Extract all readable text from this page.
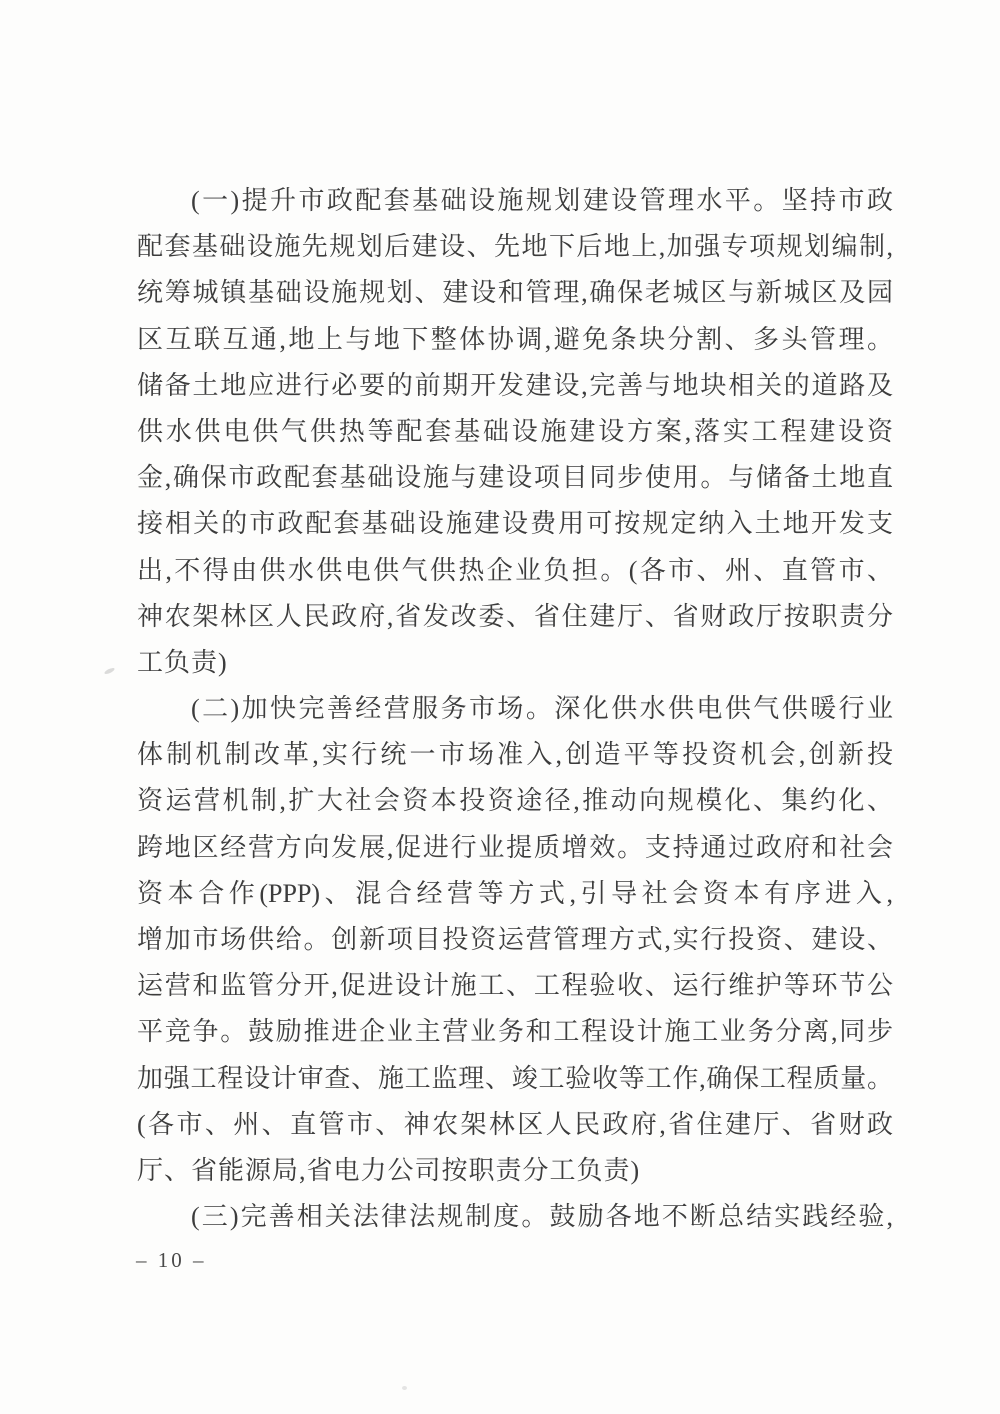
(一)提升市政配套基础设施规划建设管理水平。坚持市政
配套基础设施先规划后建设、先地下后地上,加强专项规划编制,
统筹城镇基础设施规划、建设和管理,确保老城区与新城区及园
区互联互通,地上与地下整体协调,避免条块分割、多头管理。
储备土地应进行必要的前期开发建设,完善与地块相关的道路及
供水供电供气供热等配套基础设施建设方案,落实工程建设资
金,确保市政配套基础设施与建设项目同步使用。与储备土地直
接相关的市政配套基础设施建设费用可按规定纳入土地开发支
出,不得由供水供电供气供热企业负担。(各市、州、直管市、
神农架林区人民政府,省发改委、省住建厅、省财政厅按职责分
工负责)
(二)加快完善经营服务市场。深化供水供电供气供暖行业
体制机制改革,实行统一市场准入,创造平等投资机会,创新投
资运营机制,扩大社会资本投资途径,推动向规模化、集约化、
跨地区经营方向发展,促进行业提质增效。支持通过政府和社会
资本合作(PPP)、混合经营等方式,引导社会资本有序进入,
增加市场供给。创新项目投资运营管理方式,实行投资、建设、
运营和监管分开,促进设计施工、工程验收、运行维护等环节公
平竞争。鼓励推进企业主营业务和工程设计施工业务分离,同步
加强工程设计审查、施工监理、竣工验收等工作,确保工程质量。
(各市、州、直管市、神农架林区人民政府,省住建厅、省财政
厅、省能源局,省电力公司按职责分工负责)
(三)完善相关法律法规制度。鼓励各地不断总结实践经验,
– 10 –
